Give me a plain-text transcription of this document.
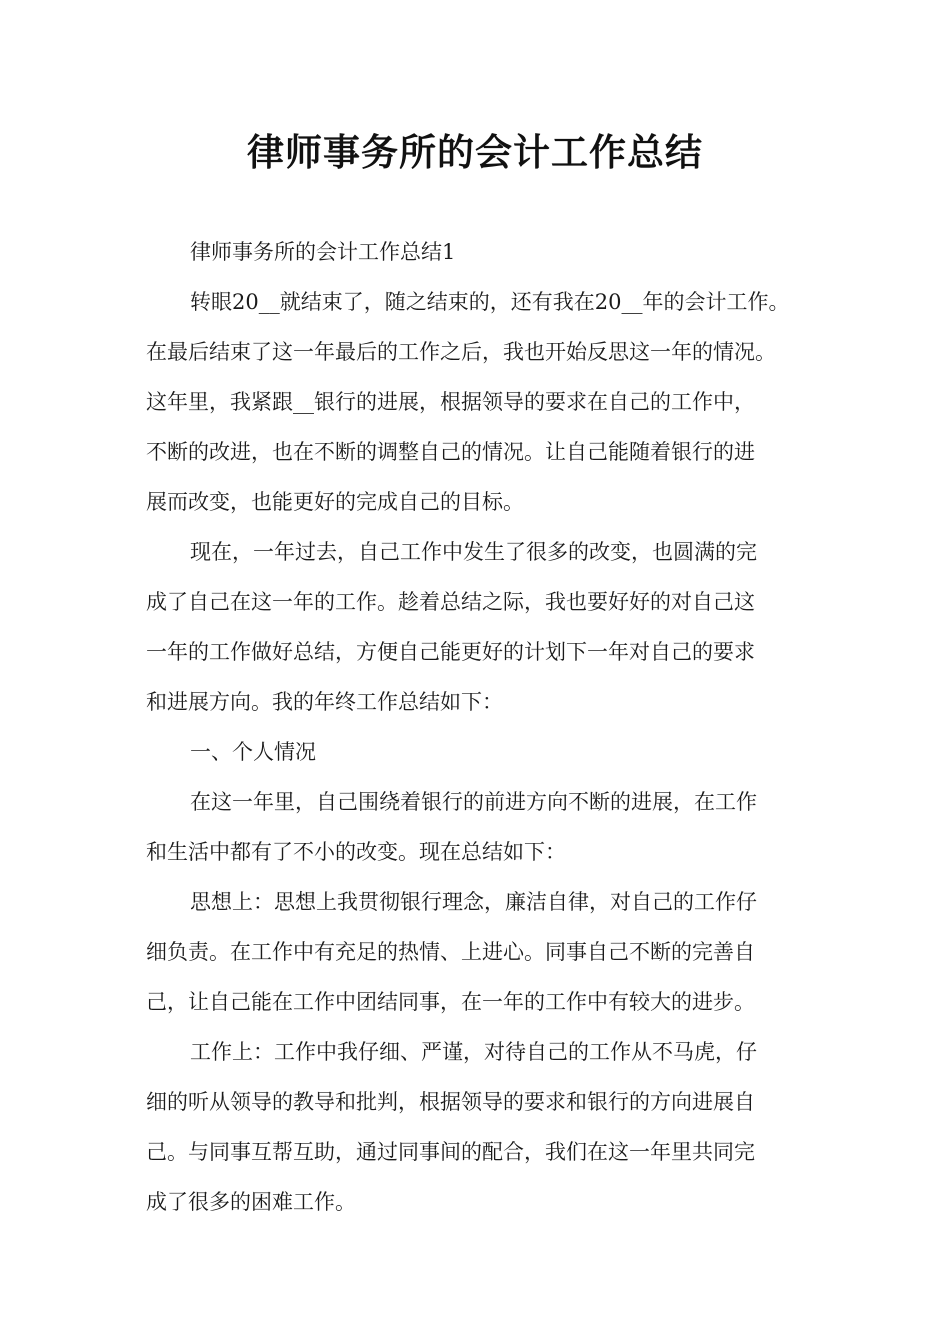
律师事务所的会计工作总结
律师事务所的会计工作总结1
转眼20__就结束了，随之结束的，还有我在20__年的会计工作。
在最后结束了这一年最后的工作之后，我也开始反思这一年的情况。
这年里，我紧跟__银行的进展，根据领导的要求在自己的工作中，
不断的改进，也在不断的调整自己的情况。让自己能随着银行的进
展而改变，也能更好的完成自己的目标。
现在，一年过去，自己工作中发生了很多的改变，也圆满的完
成了自己在这一年的工作。趁着总结之际，我也要好好的对自己这
一年的工作做好总结，方便自己能更好的计划下一年对自己的要求
和进展方向。我的年终工作总结如下：
一、个人情况
在这一年里，自己围绕着银行的前进方向不断的进展，在工作
和生活中都有了不小的改变。现在总结如下：
思想上：思想上我贯彻银行理念，廉洁自律，对自己的工作仔
细负责。在工作中有充足的热情、上进心。同事自己不断的完善自
己，让自己能在工作中团结同事，在一年的工作中有较大的进步。
工作上：工作中我仔细、严谨，对待自己的工作从不马虎，仔
细的听从领导的教导和批判，根据领导的要求和银行的方向进展自
己。与同事互帮互助，通过同事间的配合，我们在这一年里共同完
成了很多的困难工作。
